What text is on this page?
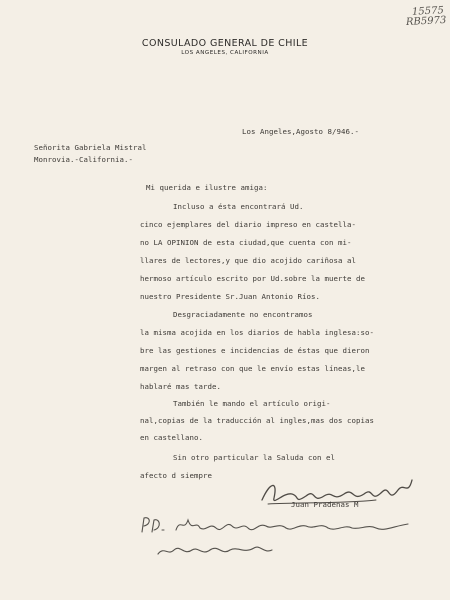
15575
RB5973
CONSULADO GENERAL DE CHILE
LOS ANGELES, CALIFORNIA
Los Angeles,Agosto 8/946.-
Señorita Gabriela Mistral
Monrovia.-California.-
Mi querida e ilustre amiga:
Incluso a ésta encontrará Ud.
cinco ejemplares del diario impreso en castella-
no LA OPINION de esta ciudad,que cuenta con mi-
llares de lectores,y que dio acojido cariñosa al
hermoso artículo escrito por Ud.sobre la muerte de
nuestro Presidente Sr.Juan Antonio Ríos.
Desgraciadamente no encontramos
la misma acojida en los diarios de habla inglesa:so-
bre las gestiones e incidencias de éstas que dieron
margen al retraso con que le envío estas líneas,le
hablaré mas tarde.
También le mando el artículo origi-
nal,copias de la traducción al ingles,mas dos copias
en castellano.
Sin otro particular la Saluda con el
afecto d siempre
Juan Pradenas M
